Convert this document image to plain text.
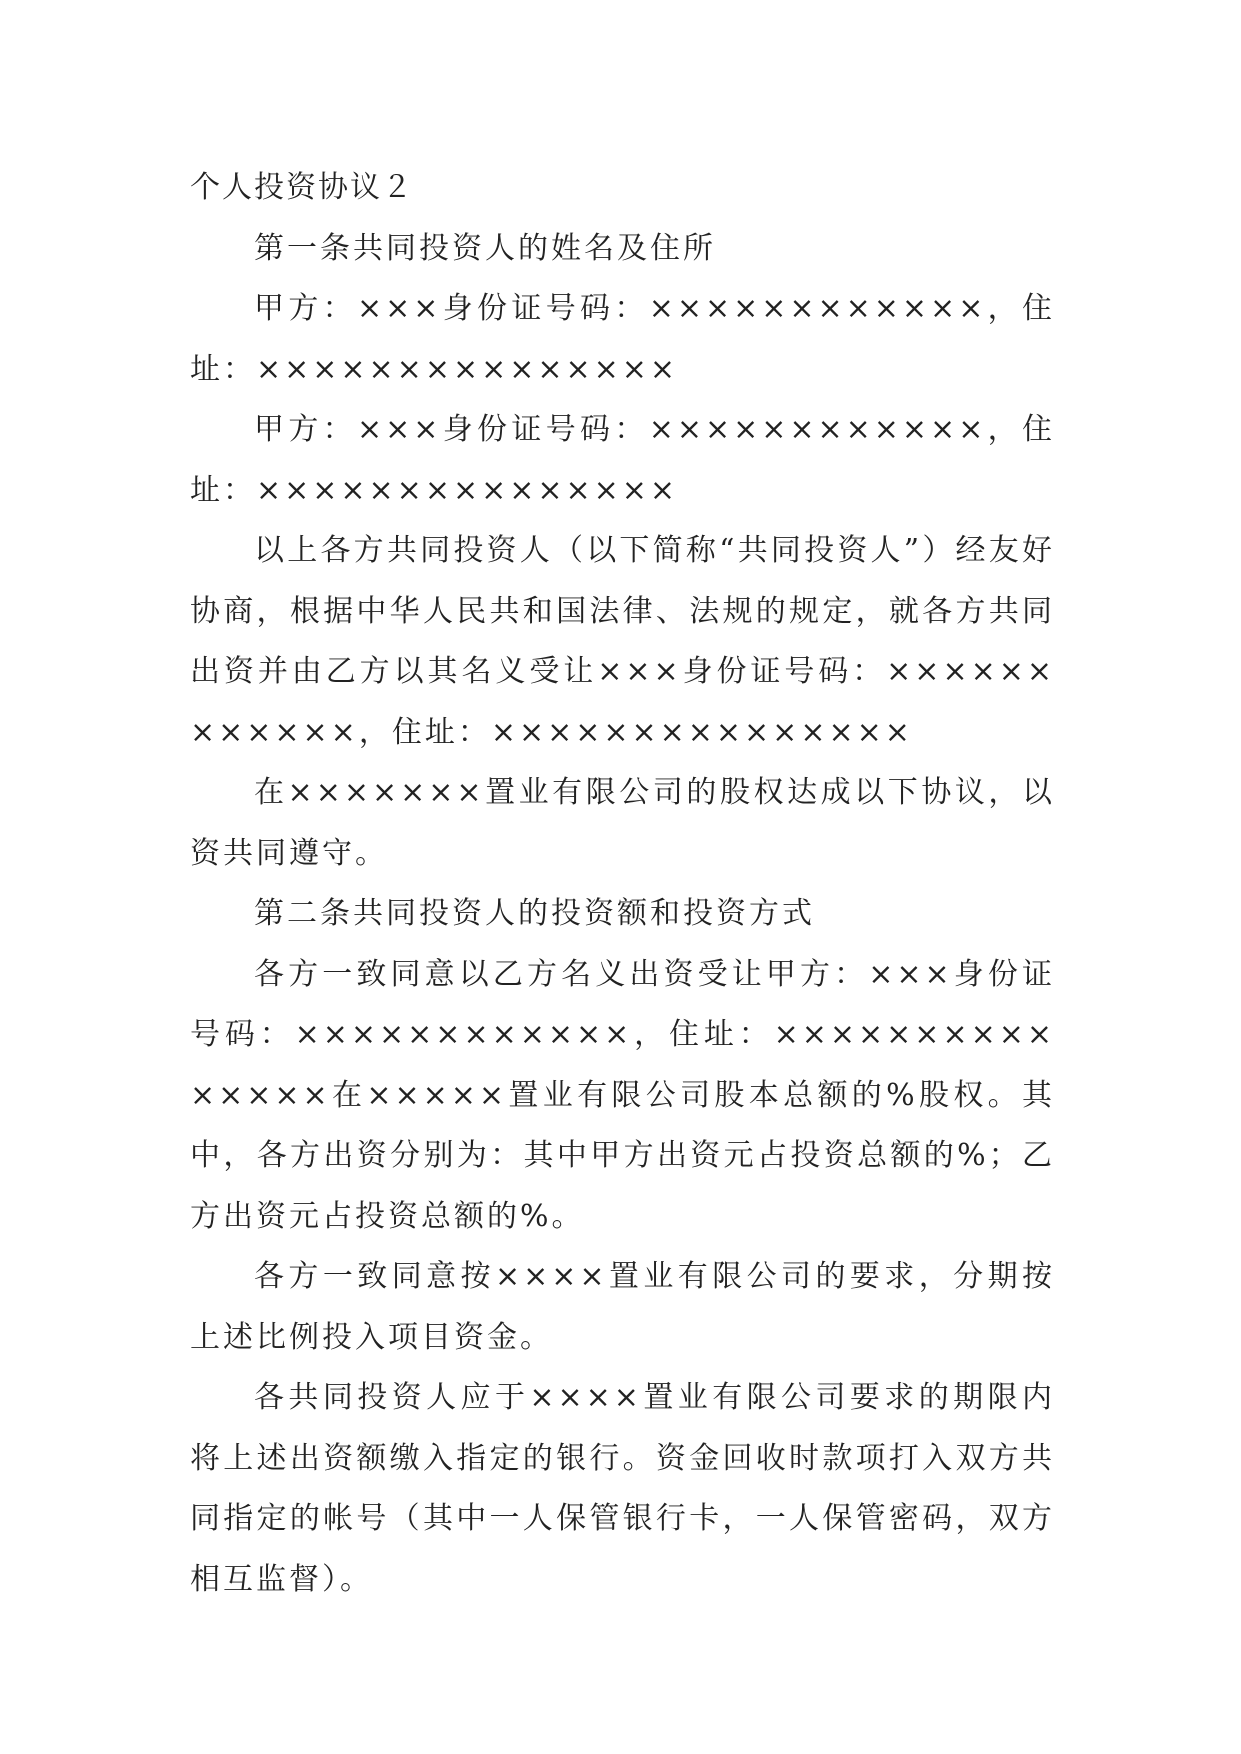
个人投资协议２

第一条共同投资人的姓名及住所

甲方：×××身份证号码：××××××××××××，住址：×××××××××××××××

甲方：×××身份证号码：××××××××××××，住址：×××××××××××××××

以上各方共同投资人（以下简称“共同投资人”）经友好协商，根据中华人民共和国法律、法规的规定，就各方共同出资并由乙方以其名义受让×××身份证号码：××××××××××××，住址：×××××××××××××××

在×××××××置业有限公司的股权达成以下协议，以资共同遵守。

第二条共同投资人的投资额和投资方式

各方一致同意以乙方名义出资受让甲方：×××身份证号码：××××××××××××，住址：×××××××××××××××在×××××置业有限公司股本总额的%股权。其中，各方出资分别为：其中甲方出资元占投资总额的%；乙方出资元占投资总额的%。

各方一致同意按××××置业有限公司的要求，分期按上述比例投入项目资金。

各共同投资人应于××××置业有限公司要求的期限内将上述出资额缴入指定的银行。资金回收时款项打入双方共同指定的帐号（其中一人保管银行卡，一人保管密码，双方相互监督）。
